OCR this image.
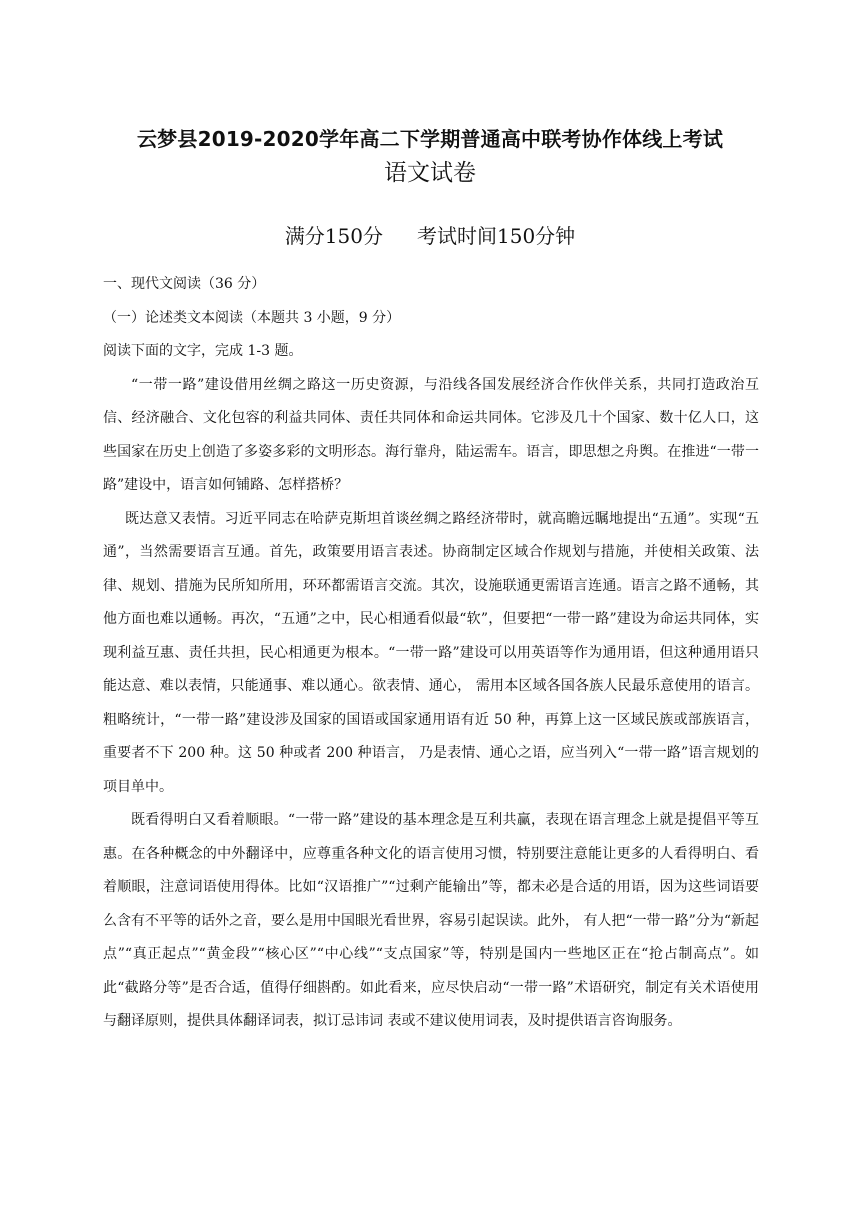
云梦县2019-2020学年高二下学期普通高中联考协作体线上考试
语文试卷
满分150分 考试时间150分钟

一、现代文阅读（36 分）

（一）论述类文本阅读（本题共 3 小题，9 分）

阅读下面的文字，完成 1-3 题。

“一带一路”建设借用丝绸之路这一历史资源，与沿线各国发展经济合作伙伴关系，共同打造政治互信、经济融合、文化包容的利益共同体、责任共同体和命运共同体。它涉及几十个国家、数十亿人口，这些国家在历史上创造了多姿多彩的文明形态。海行靠舟，陆运需车。语言，即思想之舟舆。在推进“一带一路”建设中，语言如何铺路、怎样搭桥？

既达意又表情。习近平同志在哈萨克斯坦首谈丝绸之路经济带时，就高瞻远瞩地提出“五通”。实现“五通”，当然需要语言互通。首先，政策要用语言表述。协商制定区域合作规划与措施，并使相关政策、法律、规划、措施为民所知所用，环环都需语言交流。其次，设施联通更需语言连通。语言之路不通畅，其他方面也难以通畅。再次，“五通”之中，民心相通看似最“软”，但要把“一带一路”建设为命运共同体，实现利益互惠、责任共担，民心相通更为根本。“一带一路”建设可以用英语等作为通用语，但这种通用语只能达意、难以表情，只能通事、难以通心。欲表情、通心， 需用本区域各国各族人民最乐意使用的语言。粗略统计，“一带一路”建设涉及国家的国语或国家通用语有近 50 种，再算上这一区域民族或部族语言，重要者不下 200 种。这 50 种或者 200 种语言， 乃是表情、通心之语，应当列入“一带一路”语言规划的项目单中。

既看得明白又看着顺眼。“一带一路”建设的基本理念是互利共赢，表现在语言理念上就是提倡平等互惠。在各种概念的中外翻译中，应尊重各种文化的语言使用习惯，特别要注意能让更多的人看得明白、看着顺眼，注意词语使用得体。比如“汉语推广”“过剩产能输出”等，都未必是合适的用语，因为这些词语要么含有不平等的话外之音，要么是用中国眼光看世界，容易引起误读。此外， 有人把“一带一路”分为“新起点”“真正起点”“黄金段”“核心区”“中心线”“支点国家”等，特别是国内一些地区正在“抢占制高点”。如此“截路分等”是否合适，值得仔细斟酌。如此看来，应尽快启动“一带一路”术语研究，制定有关术语使用与翻译原则，提供具体翻译词表，拟订忌讳词 表或不建议使用词表，及时提供语言咨询服务。
